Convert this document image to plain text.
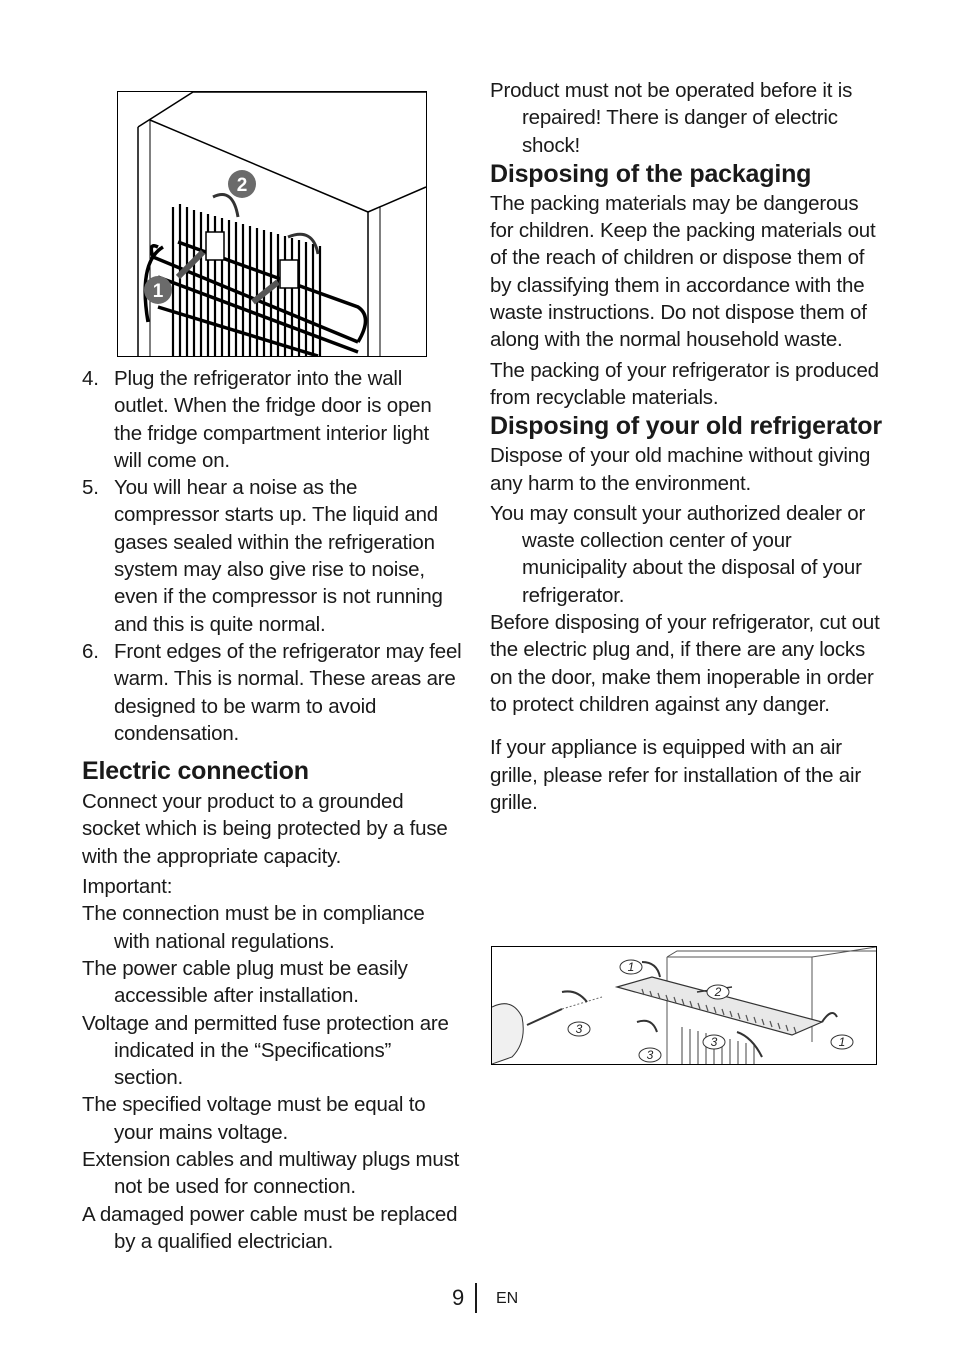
2
1
4. Plug the refrigerator into the wall outlet. When the fridge door is open the fridge compartment interior light will come on.
5. You will hear a noise as the compressor starts up. The liquid and gases sealed within the refrigeration system may also give rise to noise, even if the compressor is not running and this is quite normal.
6. Front edges of the refrigerator may feel warm. This is normal. These areas are designed to be warm to avoid condensation.
Electric connection

Connect your product to a grounded socket which is being protected by a fuse with the appropriate capacity.

Important:

The connection must be in compliance with national regulations.

The power cable plug must be easily accessible after installation.

Voltage and permitted fuse protection are indicated in the “Specifications” section.

The specified voltage must be equal to your mains voltage.

Extension cables and multiway plugs must not be used for connection.

A damaged power cable must be replaced by a qualified electrician.

Product must not be operated before it is repaired! There is danger of electric shock!

Disposing of the packaging

The packing materials may be dangerous for children. Keep the packing materials out of the reach of children or dispose them of by classifying them in accordance with the waste instructions. Do not dispose them of along with the normal household waste.

The packing of your refrigerator is produced from recyclable materials.

Disposing of your old refrigerator

Dispose of your old machine without giving any harm to the environment.

You may consult your authorized dealer or waste collection center of your municipality about the disposal of your refrigerator.

Before disposing of your refrigerator, cut out the electric plug and, if there are any locks on the door, make them inoperable in order to protect children against any danger.

If your appliance is equipped with an air grille, please refer for installation of the air grille.

1
2
3
3
3	1
9 EN
